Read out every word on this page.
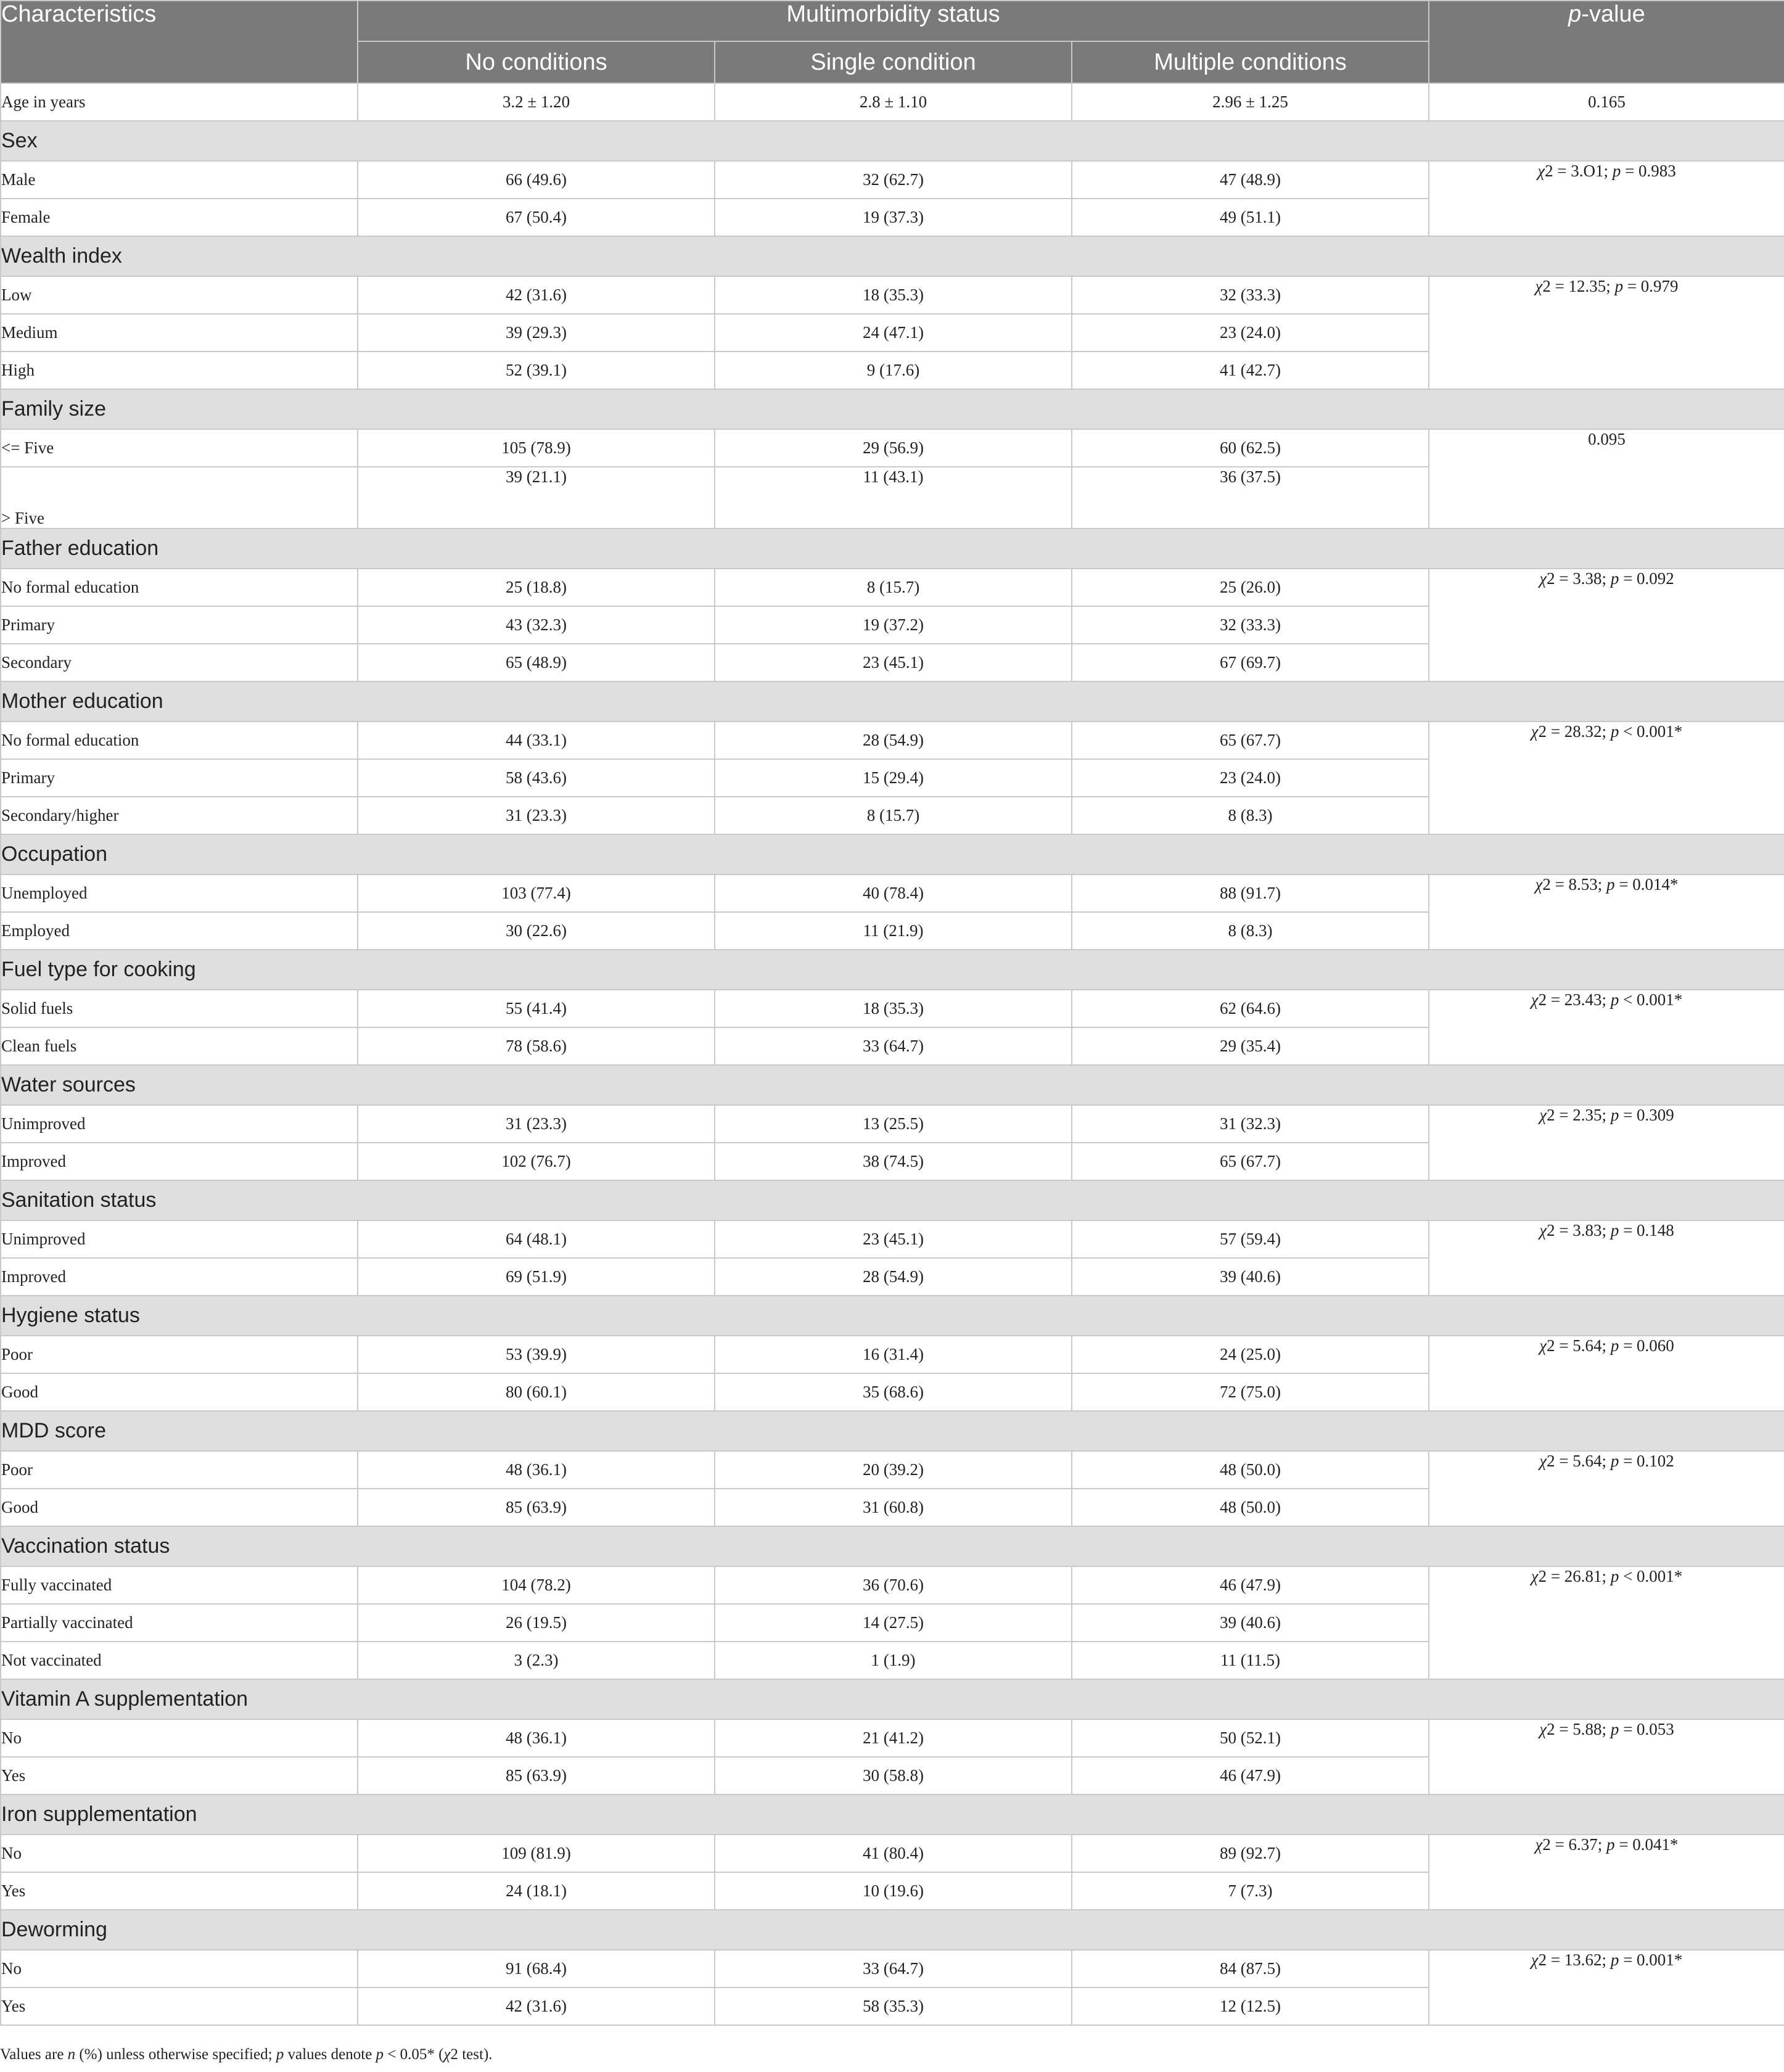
Characteristics	Multimorbidity status			p-value
	No conditions	Single condition	Multiple conditions	
Age in years	3.2 ± 1.20	2.8 ± 1.10	2.96 ± 1.25	0.165
Sex				
Male	66 (49.6)	32 (62.7)	47 (48.9)	χ2 = 3.O1; p = 0.983
Female	67 (50.4)	19 (37.3)	49 (51.1)	
Wealth index				
Low	42 (31.6)	18 (35.3)	32 (33.3)	χ2 = 12.35; p = 0.979
Medium	39 (29.3)	24 (47.1)	23 (24.0)	
High	52 (39.1)	9 (17.6)	41 (42.7)	
Family size				
<= Five	105 (78.9)	29 (56.9)	60 (62.5)	0.095
> Five	39 (21.1)	11 (43.1)	36 (37.5)	
Father education				
No formal education	25 (18.8)	8 (15.7)	25 (26.0)	χ2 = 3.38; p = 0.092
Primary	43 (32.3)	19 (37.2)	32 (33.3)	
Secondary	65 (48.9)	23 (45.1)	67 (69.7)	
Mother education				
No formal education	44 (33.1)	28 (54.9)	65 (67.7)	χ2 = 28.32; p < 0.001*
Primary	58 (43.6)	15 (29.4)	23 (24.0)	
Secondary/higher	31 (23.3)	8 (15.7)	8 (8.3)	
Occupation				
Unemployed	103 (77.4)	40 (78.4)	88 (91.7)	χ2 = 8.53; p = 0.014*
Employed	30 (22.6)	11 (21.9)	8 (8.3)	
Fuel type for cooking				
Solid fuels	55 (41.4)	18 (35.3)	62 (64.6)	χ2 = 23.43; p < 0.001*
Clean fuels	78 (58.6)	33 (64.7)	29 (35.4)	
Water sources				
Unimproved	31 (23.3)	13 (25.5)	31 (32.3)	χ2 = 2.35; p = 0.309
Improved	102 (76.7)	38 (74.5)	65 (67.7)	
Sanitation status				
Unimproved	64 (48.1)	23 (45.1)	57 (59.4)	χ2 = 3.83; p = 0.148
Improved	69 (51.9)	28 (54.9)	39 (40.6)	
Hygiene status				
Poor	53 (39.9)	16 (31.4)	24 (25.0)	χ2 = 5.64; p = 0.060
Good	80 (60.1)	35 (68.6)	72 (75.0)	
MDD score				
Poor	48 (36.1)	20 (39.2)	48 (50.0)	χ2 = 5.64; p = 0.102
Good	85 (63.9)	31 (60.8)	48 (50.0)	
Vaccination status				
Fully vaccinated	104 (78.2)	36 (70.6)	46 (47.9)	χ2 = 26.81; p < 0.001*
Partially vaccinated	26 (19.5)	14 (27.5)	39 (40.6)	
Not vaccinated	3 (2.3)	1 (1.9)	11 (11.5)	
Vitamin A supplementation				
No	48 (36.1)	21 (41.2)	50 (52.1)	χ2 = 5.88; p = 0.053
Yes	85 (63.9)	30 (58.8)	46 (47.9)	
Iron supplementation				
No	109 (81.9)	41 (80.4)	89 (92.7)	χ2 = 6.37; p = 0.041*
Yes	24 (18.1)	10 (19.6)	7 (7.3)	
Deworming				
No	91 (68.4)	33 (64.7)	84 (87.5)	χ2 = 13.62; p = 0.001*
Yes	42 (31.6)	58 (35.3)	12 (12.5)	
Values are n (%) unless otherwise specified; p values denote p < 0.05* (χ2 test).
